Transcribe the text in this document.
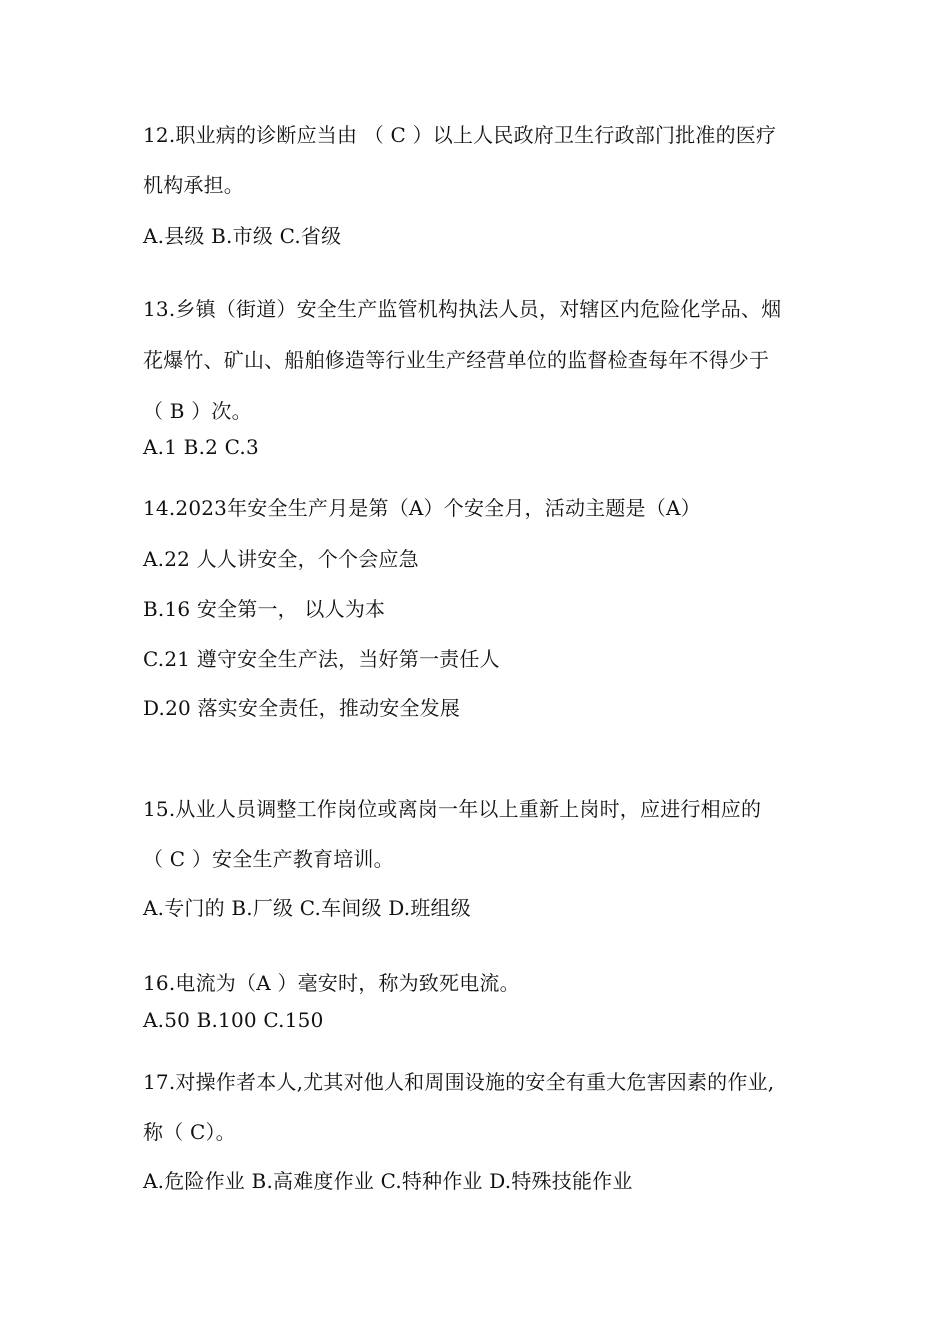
12.职业病的诊断应当由 （ C ）以上人民政府卫生行政部门批准的医疗
机构承担。
A.县级 B.市级 C.省级
13.乡镇（街道）安全生产监管机构执法人员，对辖区内危险化学品、烟
花爆竹、矿山、船舶修造等行业生产经营单位的监督检查每年不得少于
（ B ）次。
A.1 B.2 C.3
14.2023年安全生产月是第（A）个安全月，活动主题是（A）
A.22 人人讲安全，个个会应急
B.16 安全第一， 以人为本
C.21 遵守安全生产法，当好第一责任人
D.20 落实安全责任，推动安全发展
15.从业人员调整工作岗位或离岗一年以上重新上岗时，应进行相应的
（ C ）安全生产教育培训。
A.专门的 B.厂级 C.车间级 D.班组级
16.电流为（A ）毫安时，称为致死电流。
A.50 B.100 C.150
17.对操作者本人,尤其对他人和周围设施的安全有重大危害因素的作业,
称（ C）。
A.危险作业 B.高难度作业 C.特种作业 D.特殊技能作业
